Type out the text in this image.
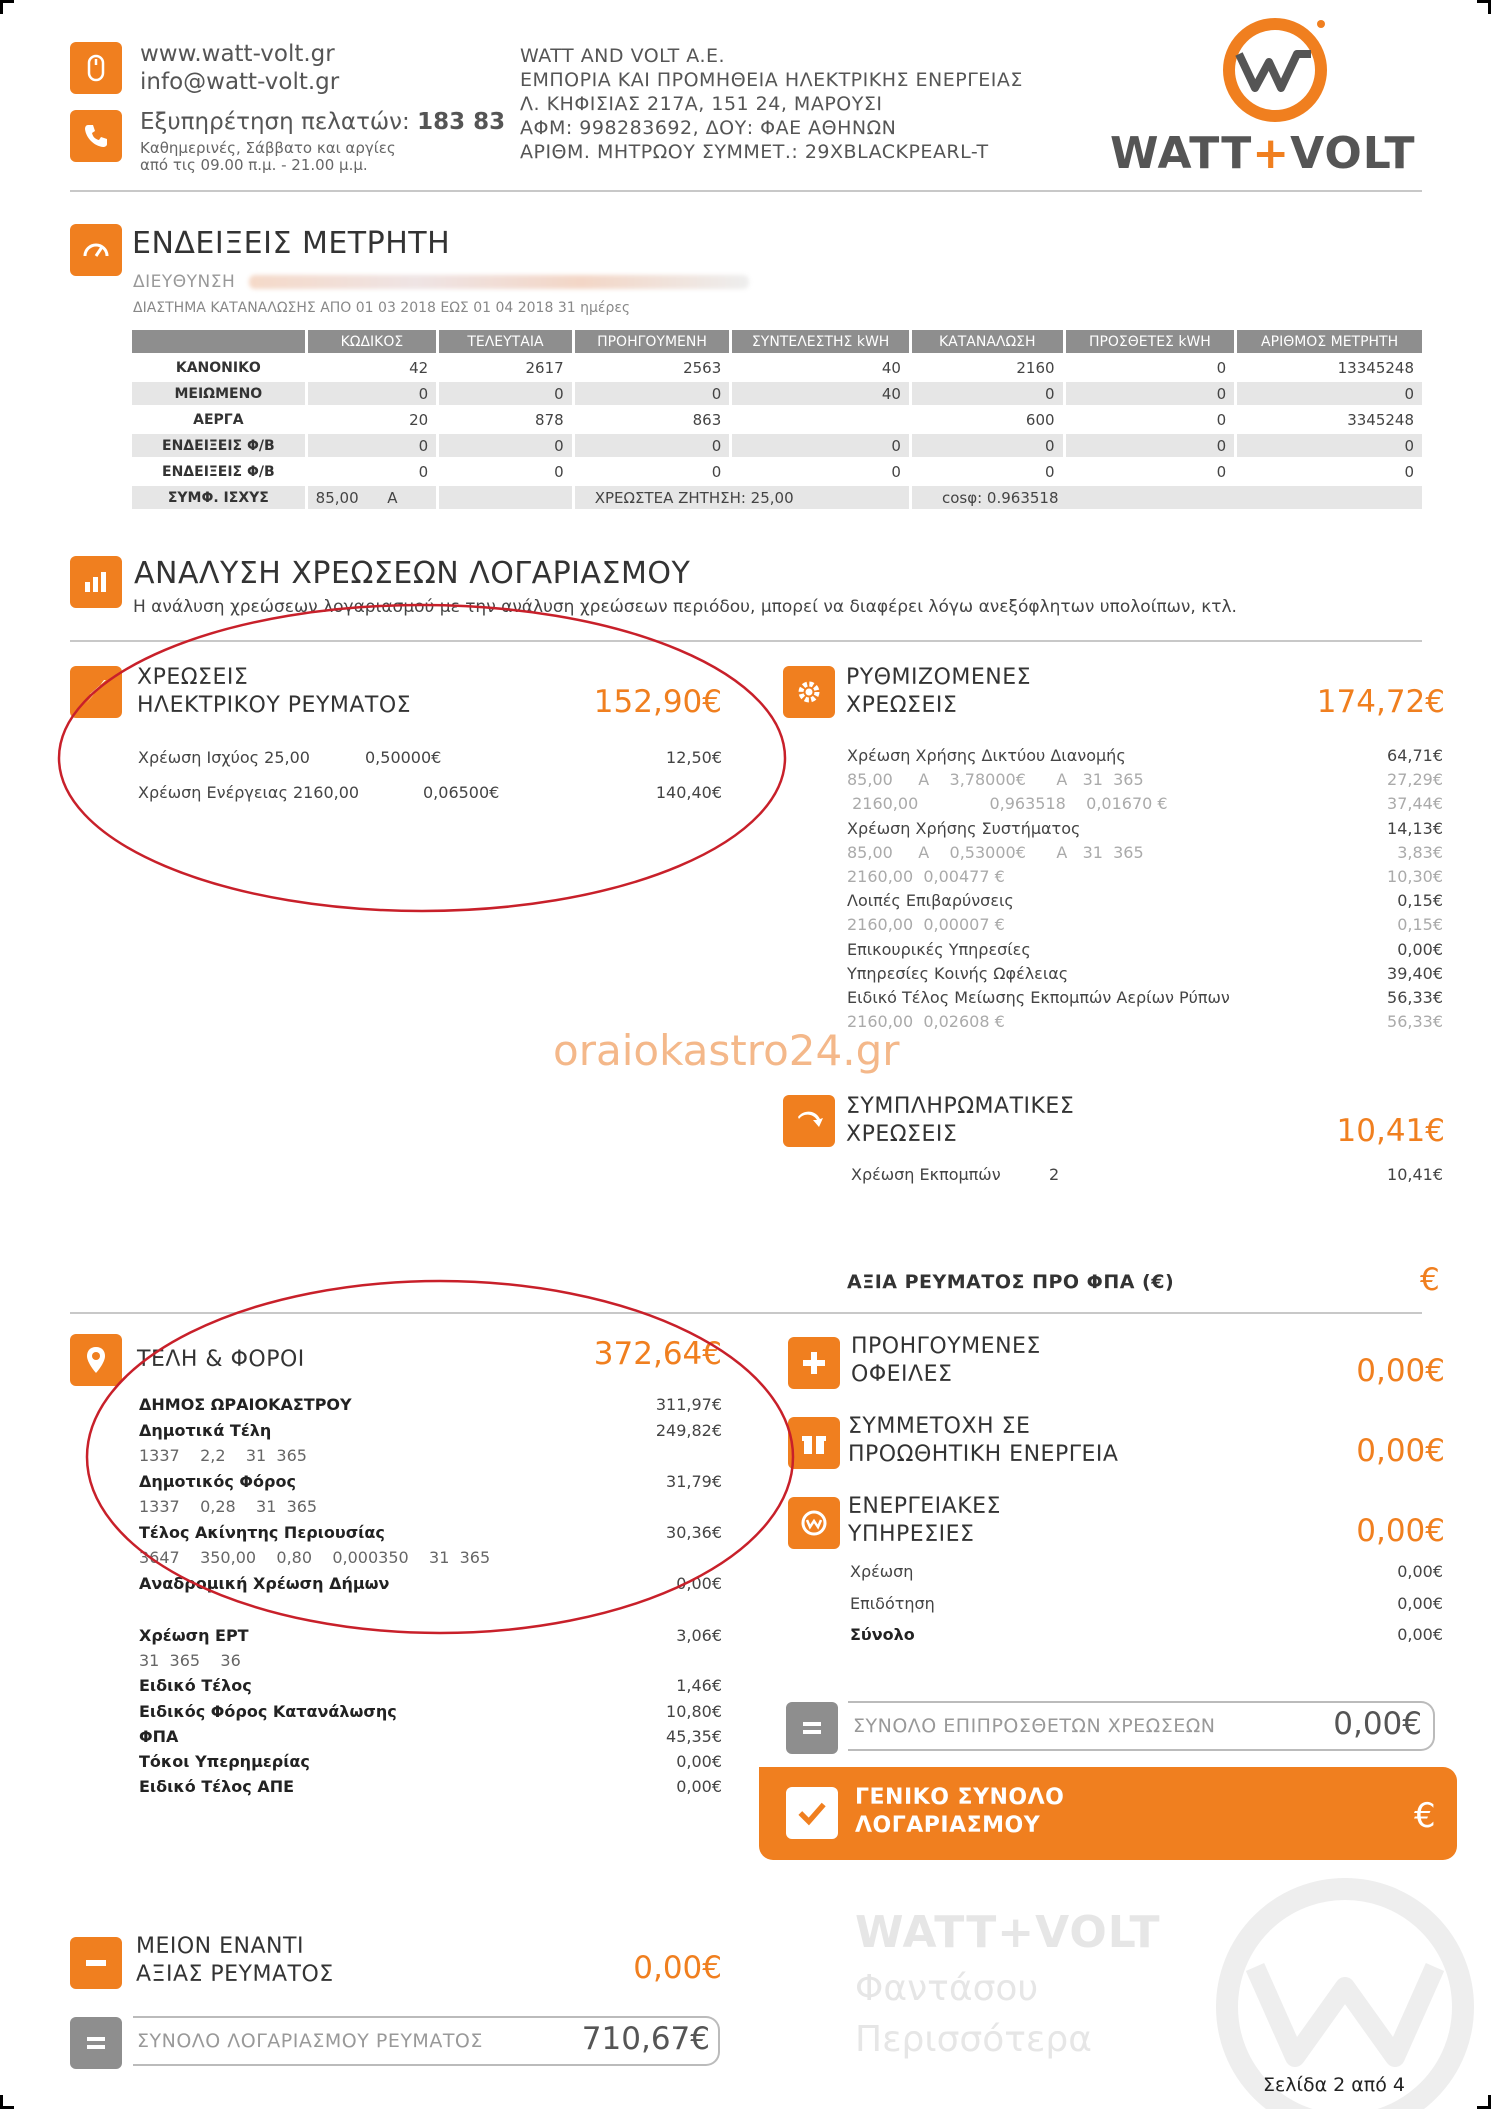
www.watt-volt.gr
info@watt-volt.gr
Εξυπηρέτηση πελατών: 183 83
Καθημερινές, Σάββατο και αργίες
από τις 09.00 π.μ. - 21.00 μ.μ.
WATT AND VOLT A.E.
ΕΜΠΟΡΙΑ ΚΑΙ ΠΡΟΜΗΘΕΙΑ ΗΛΕΚΤΡΙΚΗΣ ΕΝΕΡΓΕΙΑΣ
Λ. ΚΗΦΙΣΙΑΣ 217Α, 151 24, ΜΑΡΟΥΣΙ
ΑΦΜ: 998283692, ΔΟΥ: ΦΑΕ ΑΘΗΝΩΝ
ΑΡΙΘΜ. ΜΗΤΡΩΟΥ ΣΥΜΜΕΤ.: 29XBLACKPEARL-T	WATT+VOLT
ΕΝΔΕΙΞΕΙΣ ΜΕΤΡΗΤΗ
ΔΙΕΥΘΥΝΣΗ
ΔΙΑΣΤΗΜΑ ΚΑΤΑΝΑΛΩΣΗΣ ΑΠΟ 01 03 2018 ΕΩΣ 01 04 2018 31 ημέρες
	ΚΩΔΙΚΟΣ	ΤΕΛΕΥΤΑΙΑ	ΠΡΟΗΓΟΥΜΕΝΗ	ΣΥΝΤΕΛΕΣΤΗΣ kWH	ΚΑΤΑΝΑΛΩΣΗ	ΠΡΟΣΘΕΤΕΣ kWH	ΑΡΙΘΜΟΣ ΜΕΤΡΗΤΗ
ΚΑΝΟΝΙΚΟ	42	2617	2563	40	2160	0	13345248
ΜΕΙΩΜΕΝΟ	0	0	0	40	0	0	0
ΑΕΡΓΑ	20	878	863		600	0	3345248
ΕΝΔΕΙΞΕΙΣ Φ/Β	0	0	0	0	0	0	0
ΕΝΔΕΙΞΕΙΣ Φ/Β	0	0	0	0	0	0	0
ΣΥΜΦ. ΙΣΧΥΣ	85,00 A		ΧΡΕΩΣΤΕΑ ΖΗΤΗΣΗ: 25,00		cosφ: 0.963518		
ΑΝΑΛΥΣΗ ΧΡΕΩΣΕΩΝ ΛΟΓΑΡΙΑΣΜΟΥ
Η ανάλυση χρεώσεων λογαριασμού με την ανάλυση χρεώσεων περιόδου, μπορεί να διαφέρει λόγω ανεξόφλητων υπολοίπων, κτλ.
ΧΡΕΩΣΕΙΣ
ΗΛΕΚΤΡΙΚΟΥ ΡΕΥΜΑΤΟΣ	152,90€
Χρέωση Ισχύος 25,00	0,50000€	12,50€
Χρέωση Ενέργειας 2160,00	0,06500€	140,40€
ΡΥΘΜΙΖΟΜΕΝΕΣ
ΧΡΕΩΣΕΙΣ	174,72€
Χρέωση Χρήσης Δικτύου Διανομής	64,71€
85,00     A    3,78000€      A   31  365	27,29€
2160,00              0,963518    0,01670 €	37,44€
Χρέωση Χρήσης Συστήματος	14,13€
85,00     A    0,53000€      A   31  365	3,83€
2160,00  0,00477 €	10,30€
Λοιπές Επιβαρύνσεις	0,15€
2160,00  0,00007 €	0,15€
Επικουρικές Υπηρεσίες	0,00€
Υπηρεσίες Κοινής Ωφέλειας	39,40€
Ειδικό Τέλος Μείωσης Εκπομπών Αερίων Ρύπων	56,33€
2160,00  0,02608 €	56,33€
oraiokastro24.gr
ΣΥΜΠΛΗΡΩΜΑΤΙΚΕΣ
ΧΡΕΩΣΕΙΣ	10,41€
Χρέωση Εκπομπών	2	10,41€
ΑΞΙΑ ΡΕΥΜΑΤΟΣ ΠΡΟ ΦΠΑ (€)	€
ΤΕΛΗ & ΦΟΡΟΙ	372,64€
ΔΗΜΟΣ ΩΡΑΙΟΚΑΣΤΡΟΥ	311,97€
Δημοτικά Τέλη	249,82€
1337    2,2    31  365
Δημοτικός Φόρος	31,79€
1337    0,28    31  365
Τέλος Ακίνητης Περιουσίας	30,36€
3647    350,00    0,80    0,000350    31  365
Αναδρομική Χρέωση Δήμων	0,00€
Χρέωση ΕΡΤ	3,06€
31  365    36
Ειδικό Τέλος	1,46€
Ειδικός Φόρος Κατανάλωσης	10,80€
ΦΠΑ	45,35€
Τόκοι Υπερημερίας	0,00€
Ειδικό Τέλος ΑΠΕ	0,00€
ΠΡΟΗΓΟΥΜΕΝΕΣ
ΟΦΕΙΛΕΣ	0,00€
ΣΥΜΜΕΤΟΧΗ ΣΕ
ΠΡΟΩΘΗΤΙΚΗ ΕΝΕΡΓΕΙΑ	0,00€
ΕΝΕΡΓΕΙΑΚΕΣ
ΥΠΗΡΕΣΙΕΣ	0,00€
Χρέωση	0,00€
Επιδότηση	0,00€
Σύνολο	0,00€
ΣΥΝΟΛΟ ΕΠΙΠΡΟΣΘΕΤΩΝ ΧΡΕΩΣΕΩΝ	0,00€
ΓΕΝΙΚΟ ΣΥΝΟΛΟ
ΛΟΓΑΡΙΑΣΜΟΥ	€
WATT+VOLT
Φαντάσου
Περισσότερα
ΜΕΙΟΝ ΕΝΑΝΤΙ
ΑΞΙΑΣ ΡΕΥΜΑΤΟΣ	0,00€
ΣΥΝΟΛΟ ΛΟΓΑΡΙΑΣΜΟΥ ΡΕΥΜΑΤΟΣ	710,67€
Σελίδα 2 από 4
